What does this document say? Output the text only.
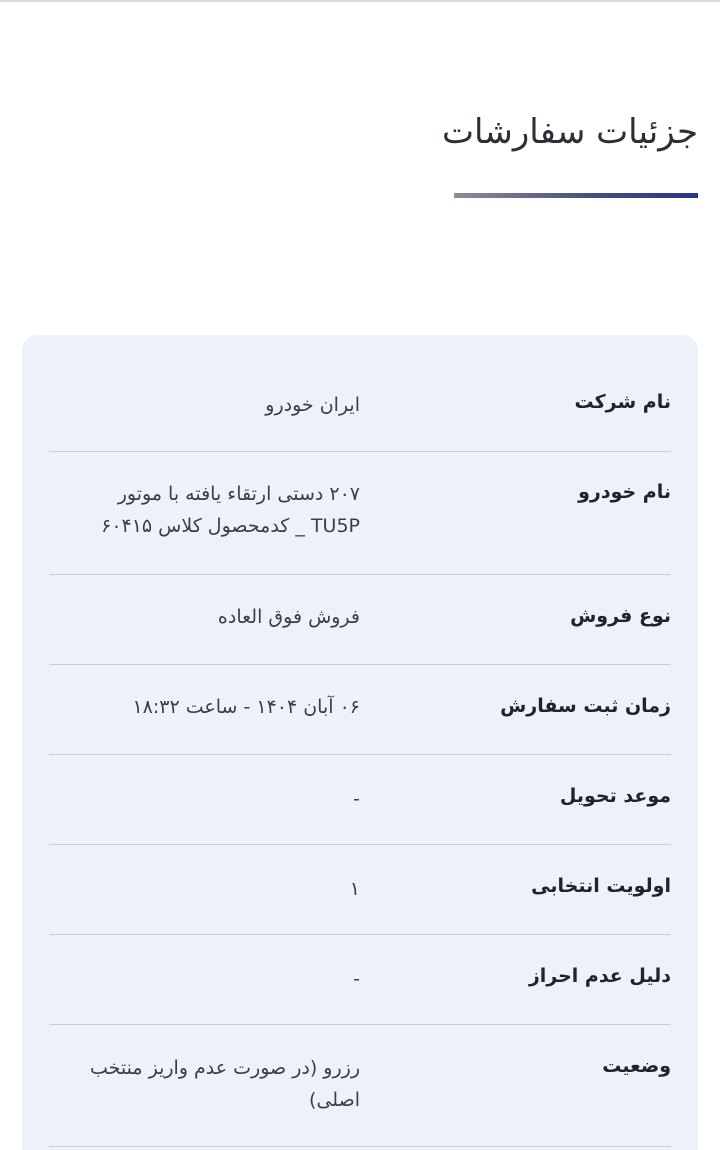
جزئیات سفارشات
نام شرکت
ایران خودرو
نام خودرو
۲۰۷ دستی ارتقاء یافته با موتور TU5P _ کدمحصول کلاس ۶۰۴۱۵
نوع فروش
فروش فوق العاده
زمان ثبت سفارش
۰۶ آبان ۱۴۰۴ - ساعت ۱۸:۳۲
موعد تحویل
-
اولویت انتخابی
۱
دلیل عدم احراز
-
وضعیت
رزرو (در صورت عدم واریز منتخب اصلی)
